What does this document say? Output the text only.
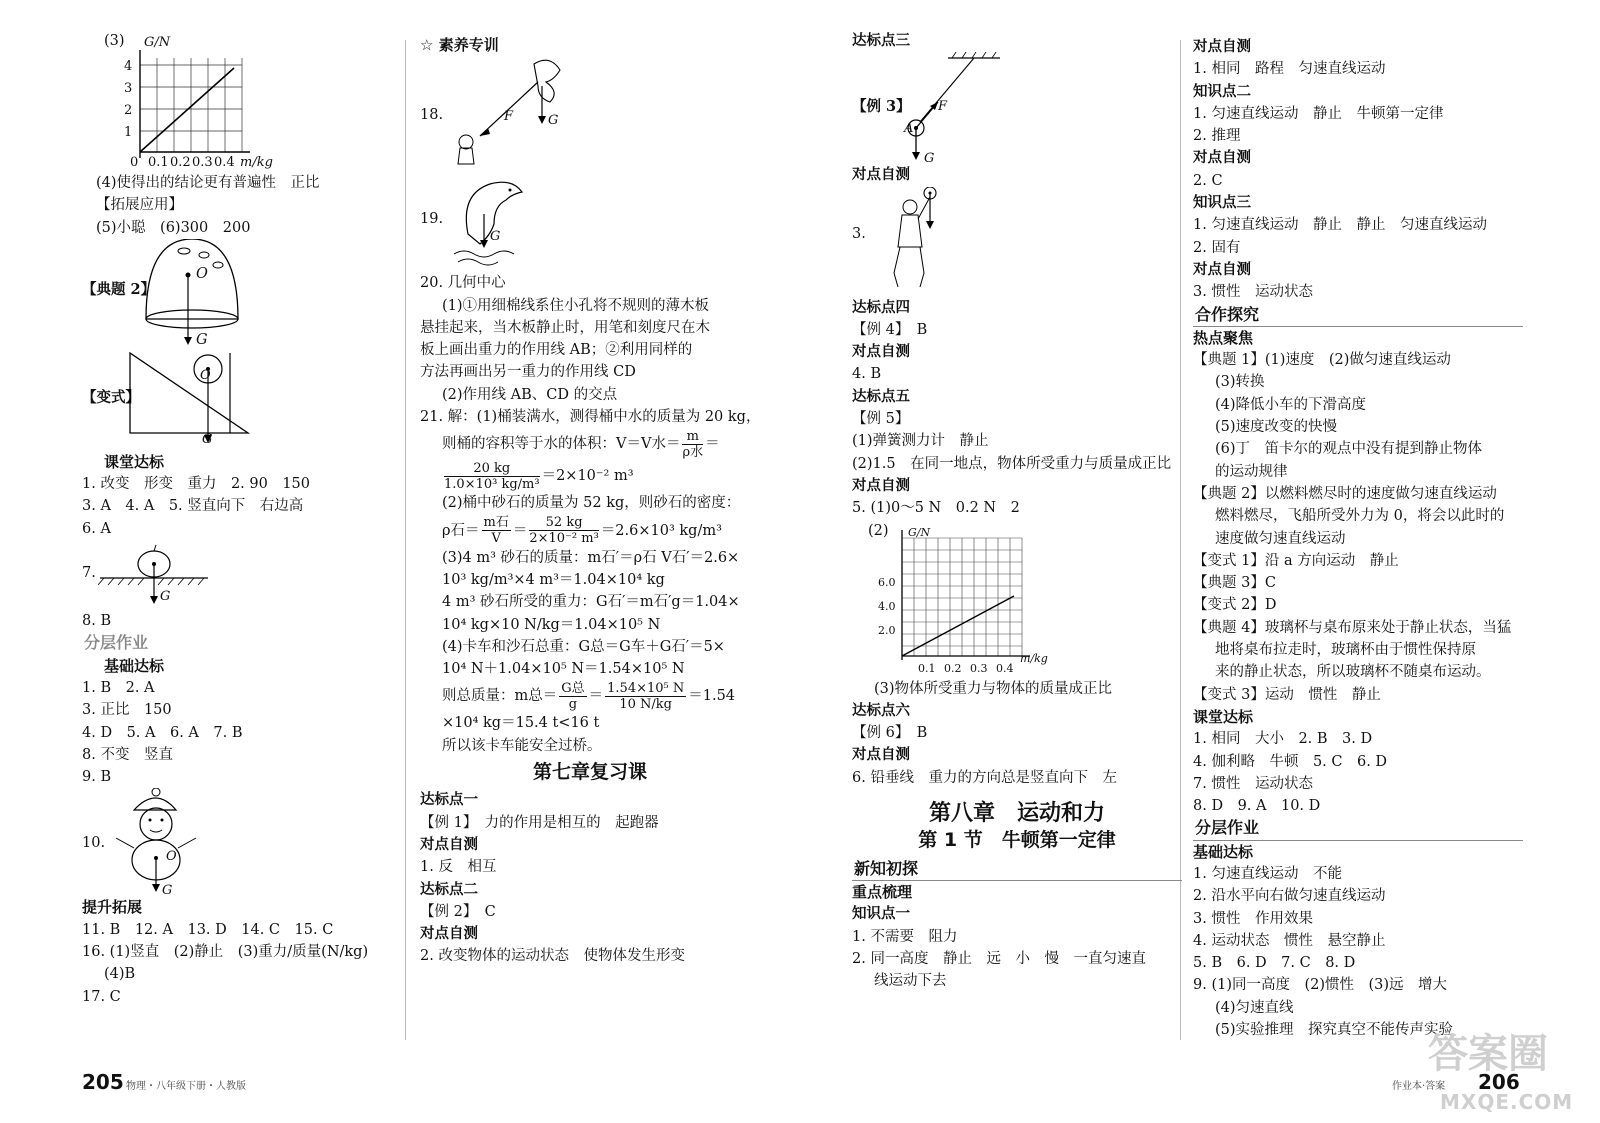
(3) G/N
4
3
2
1
0 0.1 0.2 0.3 0.4 m/kg
(4)使得出的结论更有普遍性　正比
【拓展应用】
(5)小聪　(6)300　200
【典题 2】
O
G
【变式】
O
G
课堂达标
1. 改变　形变　重力　2. 90　150
3. A　4. A　5. 竖直向下　右边高
6. A
7.
G
8. B
分层作业
基础达标
1. B　2. A
3. 正比　150
4. D　5. A　6. A　7. B
8. 不变　竖直
9. B
10.
O
G
提升拓展
11. B　12. A　13. D　14. C　15. C
16. (1)竖直　(2)静止　(3)重力/质量(N/kg)
(4)B
17. C
☆ 素养专训
18.	F	G
19.
G
20. 几何中心
(1)①用细棉线系住小孔将不规则的薄木板
悬挂起来，当木板静止时，用笔和刻度尺在木
板上画出重力的作用线 AB；②利用同样的
方法再画出另一重力的作用线 CD
(2)作用线 AB、CD 的交点
21. 解：(1)桶装满水，测得桶中水的质量为 20 kg，
则桶的容积等于水的体积：V＝V水＝ $\frac{m}{\text{ρ水}}$ ＝
$\frac{20 kg}{\text{1.0×10³ kg/m³}} =2\times 10^{-2}$ m³
(2)桶中砂石的质量为 52 kg，则砂石的密度：
ρ石＝ $\frac{\text{m石}}{V} = \frac{52 kg}{\text{2×10⁻² m³}} =2.6\times 10^3$ kg/m³
(3)4 m³ 砂石的质量：m石′＝ρ石 V石′＝2.6×
10³ kg/m³×4 m³＝1.04×10⁴ kg
4 m³ 砂石所受的重力：G石′＝m石′g＝1.04×
10⁴ kg×10 N/kg＝1.04×10⁵ N
(4)卡车和沙石总重：G总＝G车＋G石′＝5×
10⁴ N＋1.04×10⁵ N＝1.54×10⁵ N
则总质量：m总＝ $\frac{\text{G总}}{g} = \frac{\text{1.54×10⁵ N}}{10 N/kg} =1.54$
×10⁴ kg＝15.4 t<16 t
所以该卡车能安全过桥。
第七章复习课
达标点一
【例 1】　力的作用是相互的　起跑器
对点自测
1. 反　相互
达标点二
【例 2】　C
对点自测
2. 改变物体的运动状态　使物体发生形变
达标点三
【例 3】
A
F
G
对点自测
3.
达标点四
【例 4】　B
对点自测
4. B
达标点五
【例 5】
(1)弹簧测力计　静止
(2)1.5　在同一地点，物体所受重力与质量成正比
对点自测
5. (1)0～5 N　0.2 N　2
(2) G/N
6.0
4.0
2.0
0.1 0.2 0.3 0.4
m/kg
(3)物体所受重力与物体的质量成正比
达标点六
【例 6】　B
对点自测
6. 铅垂线　重力的方向总是竖直向下　左
第八章　运动和力
第 1 节　牛顿第一定律
新知初探
重点梳理
知识点一
1. 不需要　阻力
2. 同一高度　静止　远　小　慢　一直匀速直
线运动下去
对点自测
1. 相同　路程　匀速直线运动
知识点二
1. 匀速直线运动　静止　牛顿第一定律
2. 推理
对点自测
2. C
知识点三
1. 匀速直线运动　静止　静止　匀速直线运动
2. 固有
对点自测
3. 惯性　运动状态
合作探究
热点聚焦
【典题 1】(1)速度　(2)做匀速直线运动
(3)转换
(4)降低小车的下滑高度
(5)速度改变的快慢
(6)丁　笛卡尔的观点中没有提到静止物体
的运动规律
【典题 2】以燃料燃尽时的速度做匀速直线运动
燃料燃尽，飞船所受外力为 0，将会以此时的
速度做匀速直线运动
【变式 1】沿 a 方向运动　静止
【典题 3】C
【变式 2】D
【典题 4】玻璃杯与桌布原来处于静止状态，当猛
地将桌布拉走时，玻璃杯由于惯性保持原
来的静止状态，所以玻璃杯不随桌布运动。
【变式 3】运动　惯性　静止
课堂达标
1. 相同　大小　2. B　3. D
4. 伽利略　牛顿　5. C　6. D
7. 惯性　运动状态
8. D　9. A　10. D
分层作业
基础达标
1. 匀速直线运动　不能
2. 沿水平向右做匀速直线运动
3. 惯性　作用效果
4. 运动状态　惯性　悬空静止
5. B　6. D　7. C　8. D
9. (1)同一高度　(2)惯性　(3)远　增大
(4)匀速直线
(5)实验推理　探究真空不能传声实验
205 物理・八年级下册・人教版	作业本·答案 206
答案圈
MXQE.COM
